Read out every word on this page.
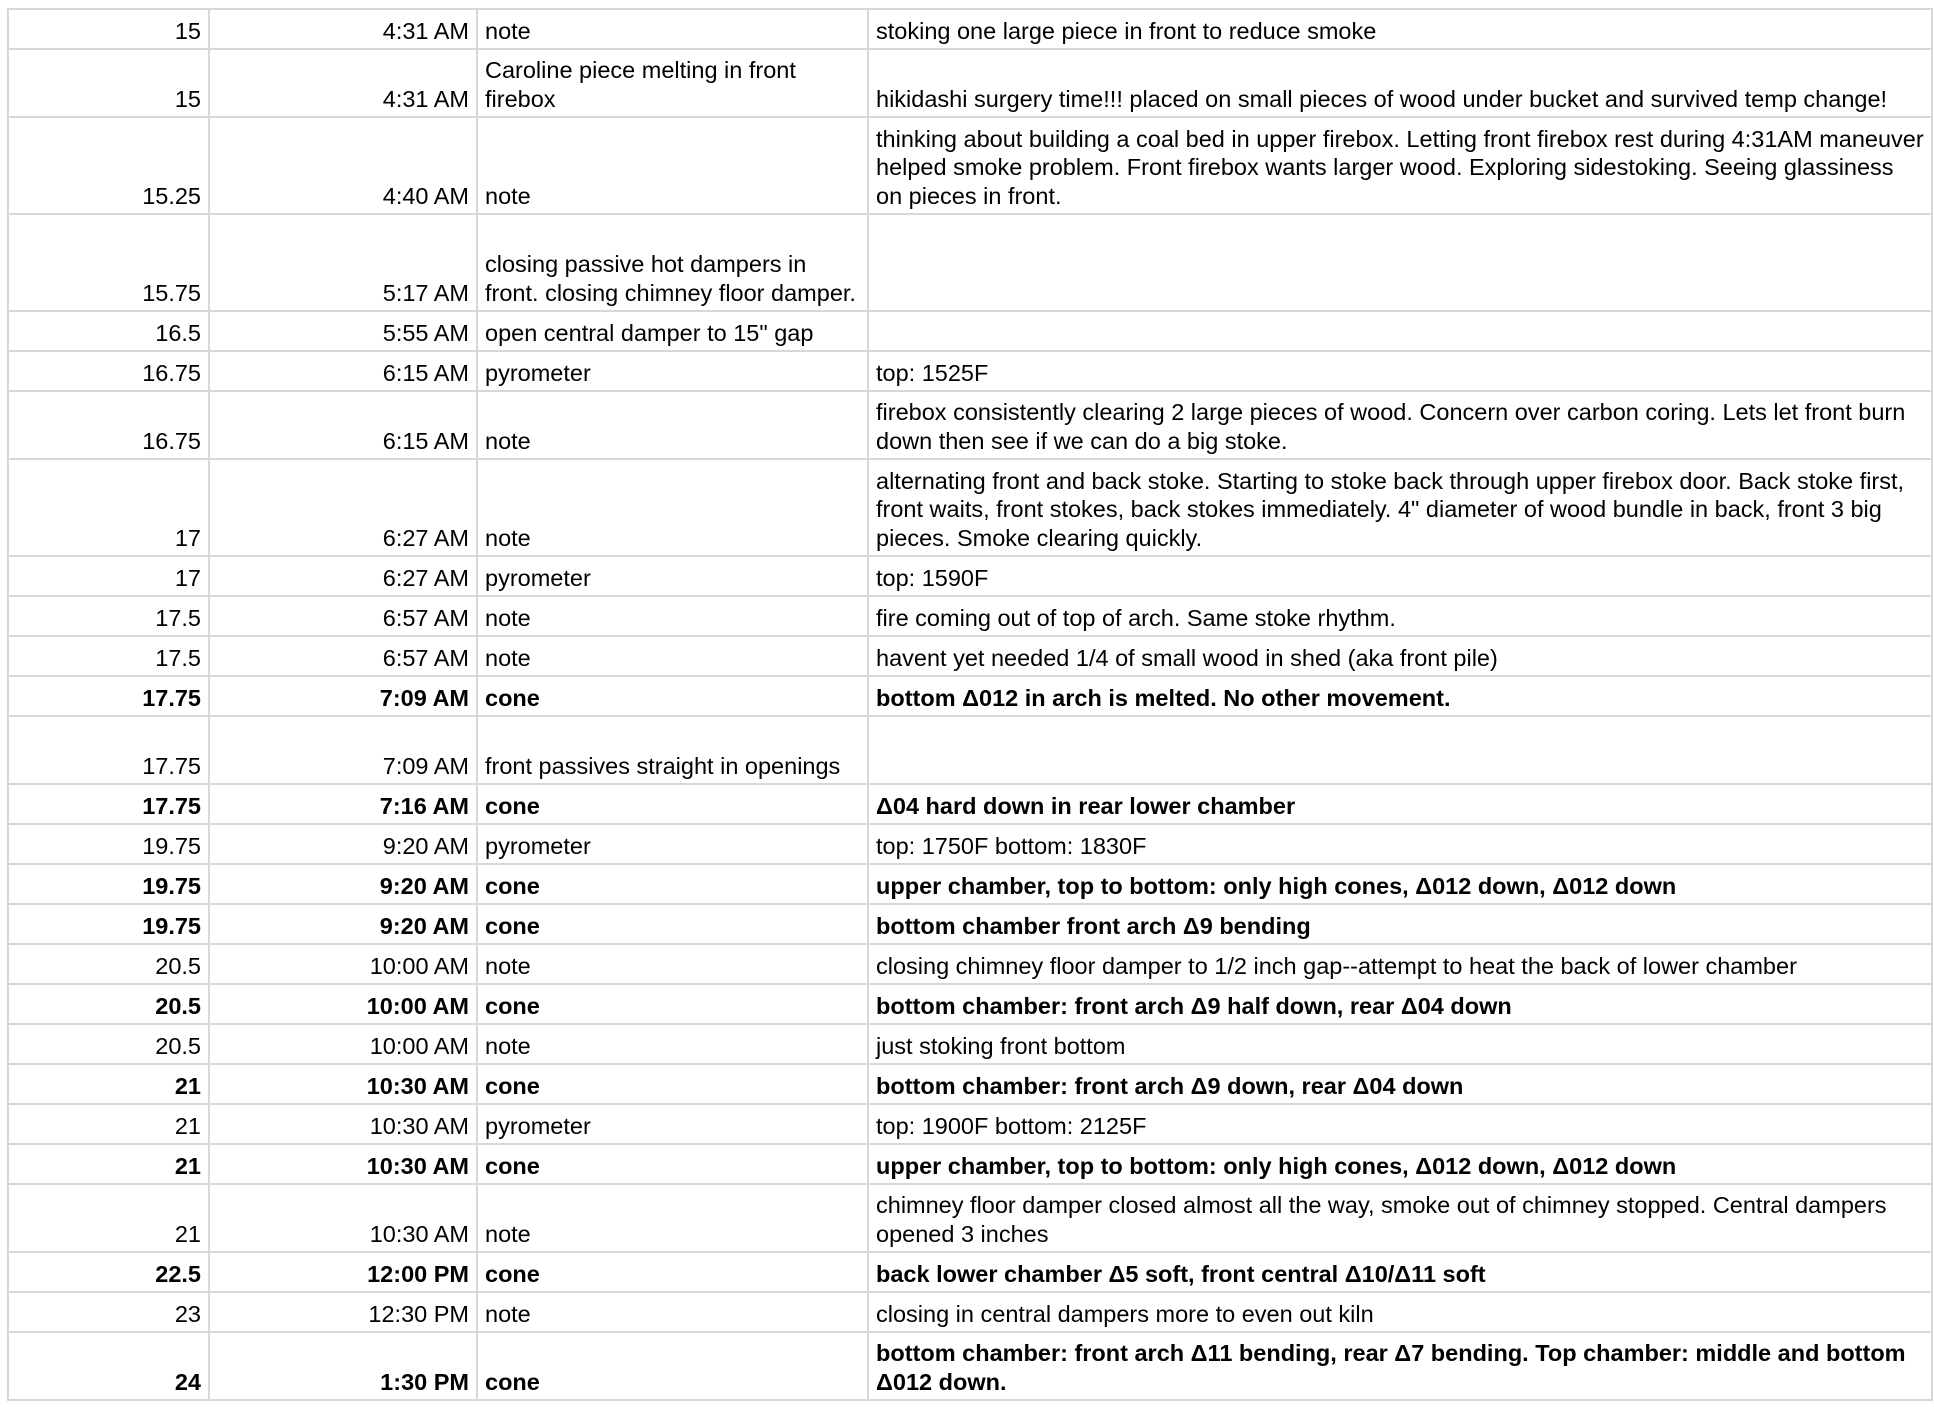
15	4:31 AM	note	stoking one large piece in front to reduce smoke
15	4:31 AM	Caroline piece melting in front firebox	hikidashi surgery time!!! placed on small pieces of wood under bucket and survived temp change!
15.25	4:40 AM	note	thinking about building a coal bed in upper firebox. Letting front firebox rest during 4:31AM maneuver helped smoke problem. Front firebox wants larger wood. Exploring sidestoking. Seeing glassiness on pieces in front.
15.75	5:17 AM	closing passive hot dampers in front. closing chimney floor damper.	
16.5	5:55 AM	open central damper to 15" gap	
16.75	6:15 AM	pyrometer	top: 1525F
16.75	6:15 AM	note	firebox consistently clearing 2 large pieces of wood. Concern over carbon coring. Lets let front burn down then see if we can do a big stoke.
17	6:27 AM	note	alternating front and back stoke. Starting to stoke back through upper firebox door. Back stoke first, front waits, front stokes, back stokes immediately. 4" diameter of wood bundle in back, front 3 big pieces. Smoke clearing quickly.
17	6:27 AM	pyrometer	top: 1590F
17.5	6:57 AM	note	fire coming out of top of arch. Same stoke rhythm.
17.5	6:57 AM	note	havent yet needed 1/4 of small wood in shed (aka front pile)
17.75	7:09 AM	cone	bottom Δ012 in arch is melted. No other movement.
17.75	7:09 AM	front passives straight in openings	
17.75	7:16 AM	cone	Δ04 hard down in rear lower chamber
19.75	9:20 AM	pyrometer	top: 1750F bottom: 1830F
19.75	9:20 AM	cone	upper chamber, top to bottom: only high cones, Δ012 down, Δ012 down
19.75	9:20 AM	cone	bottom chamber front arch Δ9 bending
20.5	10:00 AM	note	closing chimney floor damper to 1/2 inch gap--attempt to heat the back of lower chamber
20.5	10:00 AM	cone	bottom chamber: front arch Δ9 half down, rear Δ04 down
20.5	10:00 AM	note	just stoking front bottom
21	10:30 AM	cone	bottom chamber: front arch Δ9 down, rear Δ04 down
21	10:30 AM	pyrometer	top: 1900F bottom: 2125F
21	10:30 AM	cone	upper chamber, top to bottom: only high cones, Δ012 down, Δ012 down
21	10:30 AM	note	chimney floor damper closed almost all the way, smoke out of chimney stopped. Central dampers opened 3 inches
22.5	12:00 PM	cone	back lower chamber Δ5 soft, front central Δ10/Δ11 soft
23	12:30 PM	note	closing in central dampers more to even out kiln
24	1:30 PM	cone	bottom chamber: front arch Δ11 bending, rear Δ7 bending. Top chamber: middle and bottom Δ012 down.
